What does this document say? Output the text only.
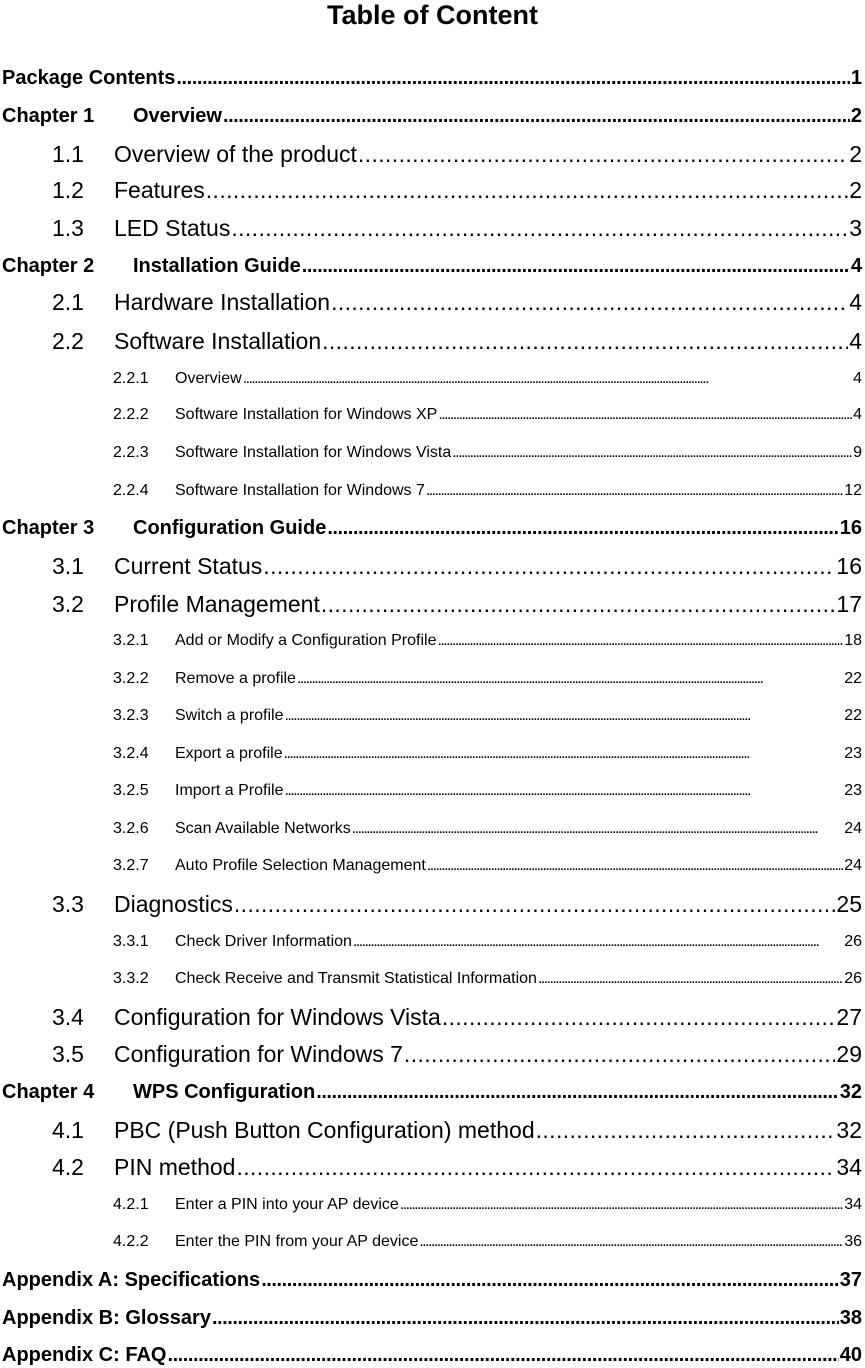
Table of Content
Package Contents . . .	1
Chapter 1	Overview . . .	2
1.1	Overview of the product . . .	2
1.2	Features . . .	2
1.3	LED Status . . .	3
Chapter 2	Installation Guide . . .	4
2.1	Hardware Installation . . .	4
2.2	Software Installation . . .	4
2.2.1	Overview . . .	4
2.2.2	Software Installation for Windows XP . . .	4
2.2.3	Software Installation for Windows Vista . . .	9
2.2.4	Software Installation for Windows 7 . . .	12
Chapter 3	Configuration Guide . . .	16
3.1	Current Status . . .	16
3.2	Profile Management . . .	17
3.2.1	Add or Modify a Configuration Profile . . .	18
3.2.2	Remove a profile . . .	22
3.2.3	Switch a profile . . .	22
3.2.4	Export a profile . . .	23
3.2.5	Import a Profile . . .	23
3.2.6	Scan Available Networks . . .	24
3.2.7	Auto Profile Selection Management . . .	24
3.3	Diagnostics . . .	25
3.3.1	Check Driver Information . . .	26
3.3.2	Check Receive and Transmit Statistical Information . . .	26
3.4	Configuration for Windows Vista . . .	27
3.5	Configuration for Windows 7 . . .	29
Chapter 4	WPS Configuration . . .	32
4.1	PBC (Push Button Configuration) method . . .	32
4.2	PIN method . . .	34
4.2.1	Enter a PIN into your AP device . . .	34
4.2.2	Enter the PIN from your AP device . . .	36
Appendix A: Specifications . . .	37
Appendix B: Glossary . . .	38
Appendix C: FAQ . . .	40
